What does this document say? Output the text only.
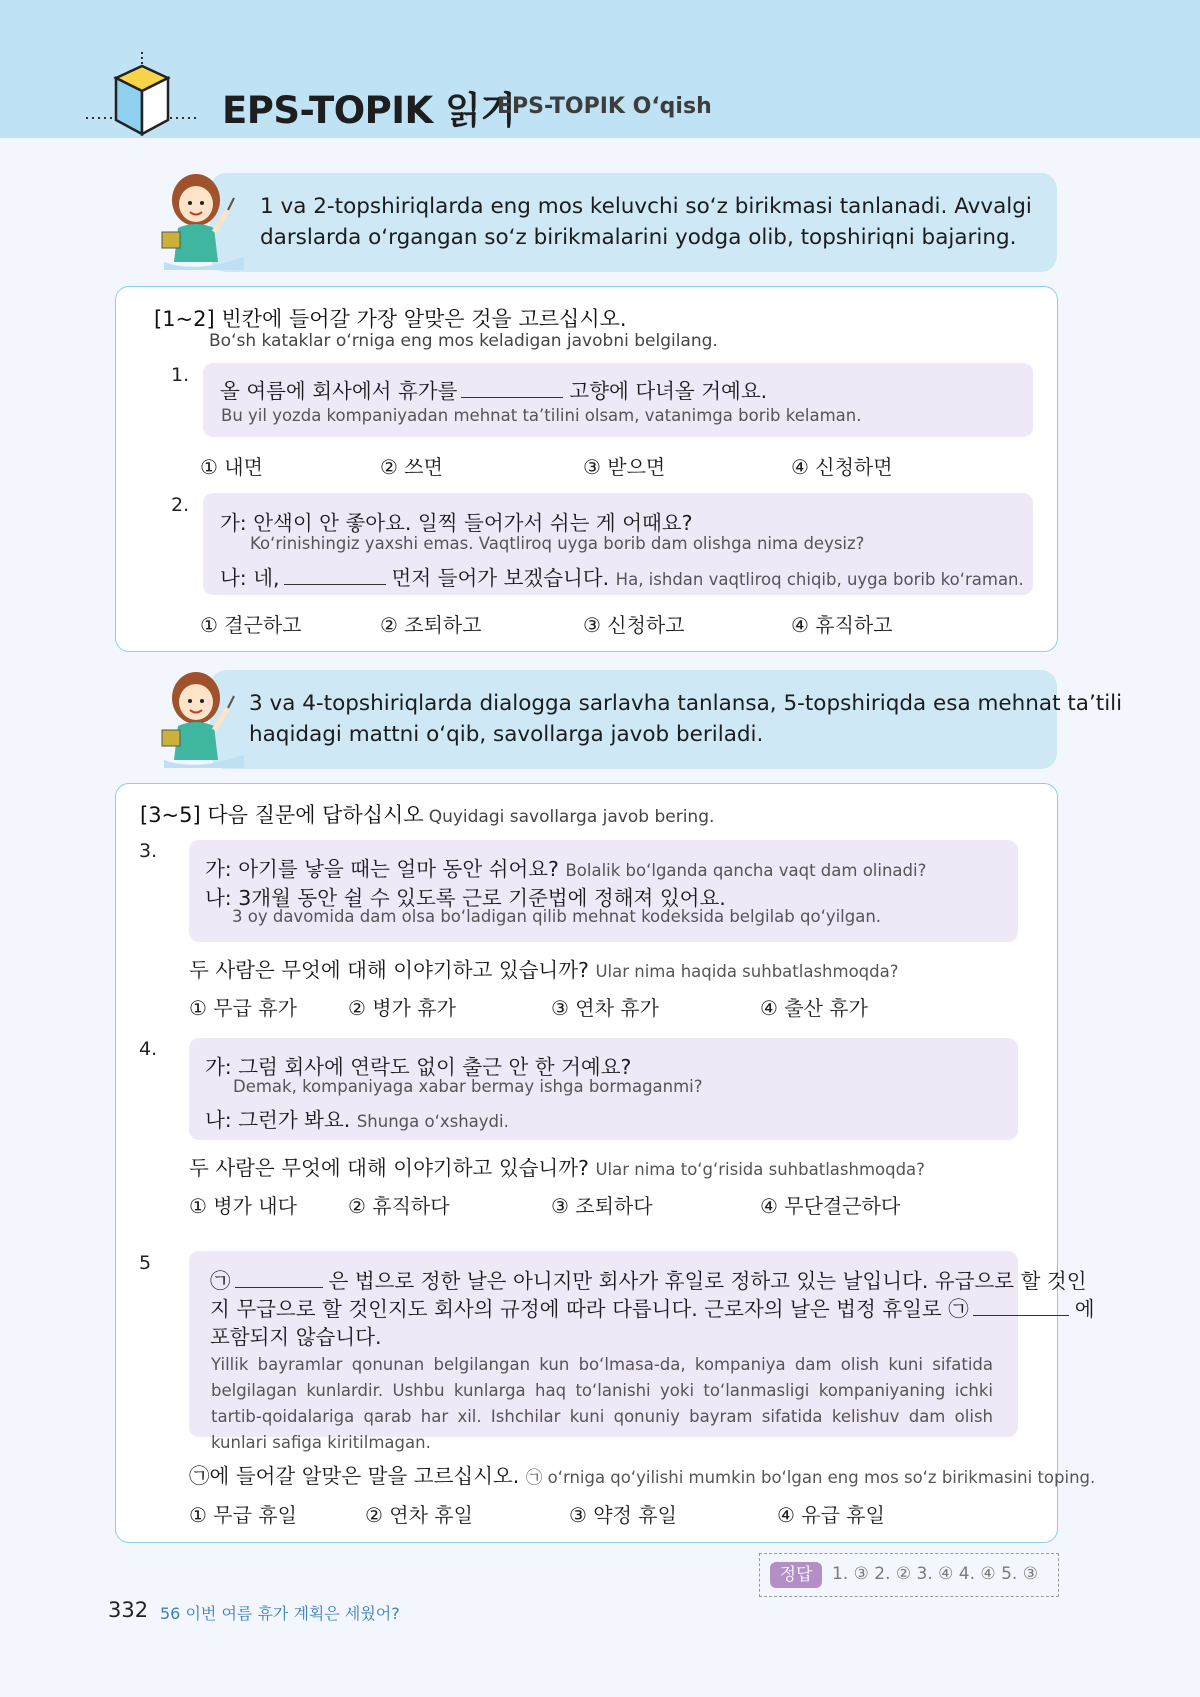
EPS-TOPIK 읽기
EPS-TOPIK O‘qish
1 va 2-topshiriqlarda eng mos keluvchi so‘z birikmasi tanlanadi. Avvalgi
darslarda o‘rgangan so‘z birikmalarini yodga olib, topshiriqni bajaring.
[1~2] 빈칸에 들어갈 가장 알맞은 것을 고르십시오.
Bo‘sh kataklar o‘rniga eng mos keladigan javobni belgilang.
1.
올 여름에 회사에서 휴가를	고향에 다녀올 거예요.
Bu yil yozda kompaniyadan mehnat ta’tilini olsam, vatanimga borib kelaman.
① 내면	② 쓰면	③ 받으면	④ 신청하면
2.
가: 안색이 안 좋아요. 일찍 들어가서 쉬는 게 어때요?
Ko‘rinishingiz yaxshi emas. Vaqtliroq uyga borib dam olishga nima deysiz?
나: 네,	먼저 들어가 보겠습니다. Ha, ishdan vaqtliroq chiqib, uyga borib ko‘raman.
① 결근하고	② 조퇴하고	③ 신청하고	④ 휴직하고
3 va 4-topshiriqlarda dialogga sarlavha tanlansa, 5-topshiriqda esa mehnat ta’tili
haqidagi mattni o‘qib, savollarga javob beriladi.
[3~5] 다음 질문에 답하십시오 Quyidagi savollarga javob bering.
3.
가: 아기를 낳을 때는 얼마 동안 쉬어요? Bolalik bo‘lganda qancha vaqt dam olinadi?
나: 3개월 동안 쉴 수 있도록 근로 기준법에 정해져 있어요.
3 oy davomida dam olsa bo‘ladigan qilib mehnat kodeksida belgilab qo‘yilgan.
두 사람은 무엇에 대해 이야기하고 있습니까? Ular nima haqida suhbatlashmoqda?
① 무급 휴가	② 병가 휴가	③ 연차 휴가	④ 출산 휴가
4.
가: 그럼 회사에 연락도 없이 출근 안 한 거예요?
Demak, kompaniyaga xabar bermay ishga bormaganmi?
나: 그런가 봐요. Shunga o‘xshaydi.
두 사람은 무엇에 대해 이야기하고 있습니까? Ular nima to‘g‘risida suhbatlashmoqda?
① 병가 내다	② 휴직하다	③ 조퇴하다	④ 무단결근하다
5
㉠	은 법으로 정한 날은 아니지만 회사가 휴일로 정하고 있는 날입니다. 유급으로 할 것인
지 무급으로 할 것인지도 회사의 규정에 따라 다릅니다. 근로자의 날은 법정 휴일로 ㉠	에
포함되지 않습니다.
Yillik bayramlar qonunan belgilangan kun bo‘lmasa-da, kompaniya dam olish kuni sifatida belgilagan kunlardir. Ushbu kunlarga haq to‘lanishi yoki to‘lanmasligi kompaniyaning ichki tartib-qoidalariga qarab har xil. Ishchilar kuni qonuniy bayram sifatida kelishuv dam olish kunlari safiga kiritilmagan.
㉠에 들어갈 알맞은 말을 고르십시오. ㉠ o‘rniga qo‘yilishi mumkin bo‘lgan eng mos so‘z birikmasini toping.
① 무급 휴일	② 연차 휴일	③ 약정 휴일	④ 유급 휴일
정답	1. ③ 2. ② 3. ④ 4. ④ 5. ③
332 56 이번 여름 휴가 계획은 세웠어?
